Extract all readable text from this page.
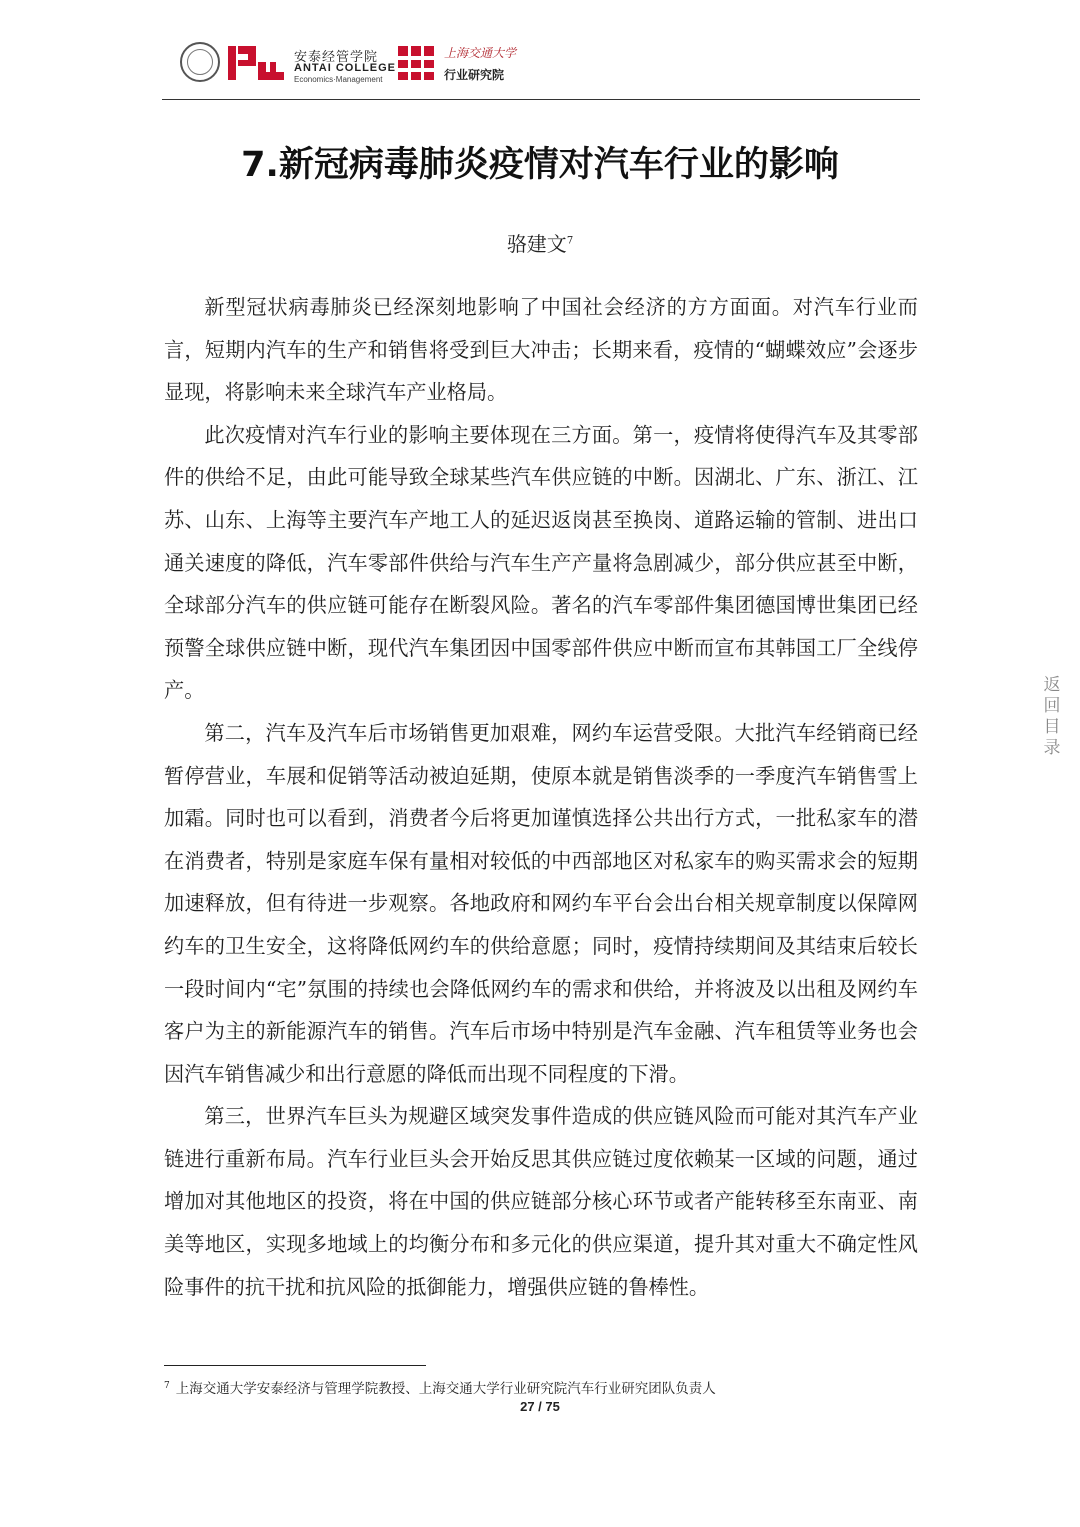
安泰经管学院
ANTAI COLLEGE
Economics·Management
上海交通大学
行业研究院
7.新冠病毒肺炎疫情对汽车行业的影响
骆建文$^7$

新型冠状病毒肺炎已经深刻地影响了中国社会经济的方方面面。对汽车行业而言，短期内汽车的生产和销售将受到巨大冲击；长期来看，疫情的“蝴蝶效应”会逐步显现，将影响未来全球汽车产业格局。

此次疫情对汽车行业的影响主要体现在三方面。第一，疫情将使得汽车及其零部件的供给不足，由此可能导致全球某些汽车供应链的中断。因湖北、广东、浙江、江苏、山东、上海等主要汽车产地工人的延迟返岗甚至换岗、道路运输的管制、进出口通关速度的降低，汽车零部件供给与汽车生产产量将急剧减少，部分供应甚至中断，全球部分汽车的供应链可能存在断裂风险。著名的汽车零部件集团德国博世集团已经预警全球供应链中断，现代汽车集团因中国零部件供应中断而宣布其韩国工厂全线停产。

第二，汽车及汽车后市场销售更加艰难，网约车运营受限。大批汽车经销商已经暂停营业，车展和促销等活动被迫延期，使原本就是销售淡季的一季度汽车销售雪上加霜。同时也可以看到，消费者今后将更加谨慎选择公共出行方式，一批私家车的潜在消费者，特别是家庭车保有量相对较低的中西部地区对私家车的购买需求会的短期加速释放，但有待进一步观察。各地政府和网约车平台会出台相关规章制度以保障网约车的卫生安全，这将降低网约车的供给意愿；同时，疫情持续期间及其结束后较长一段时间内“宅”氛围的持续也会降低网约车的需求和供给，并将波及以出租及网约车客户为主的新能源汽车的销售。汽车后市场中特别是汽车金融、汽车租赁等业务也会因汽车销售减少和出行意愿的降低而出现不同程度的下滑。

第三，世界汽车巨头为规避区域突发事件造成的供应链风险而可能对其汽车产业链进行重新布局。汽车行业巨头会开始反思其供应链过度依赖某一区域的问题，通过增加对其他地区的投资，将在中国的供应链部分核心环节或者产能转移至东南亚、南美等地区，实现多地域上的均衡分布和多元化的供应渠道，提升其对重大不确定性风险事件的抗干扰和抗风险的抵御能力，增强供应链的鲁棒性。

返回目录
$^7$ 上海交通大学安泰经济与管理学院教授、上海交通大学行业研究院汽车行业研究团队负责人
27 / 75
